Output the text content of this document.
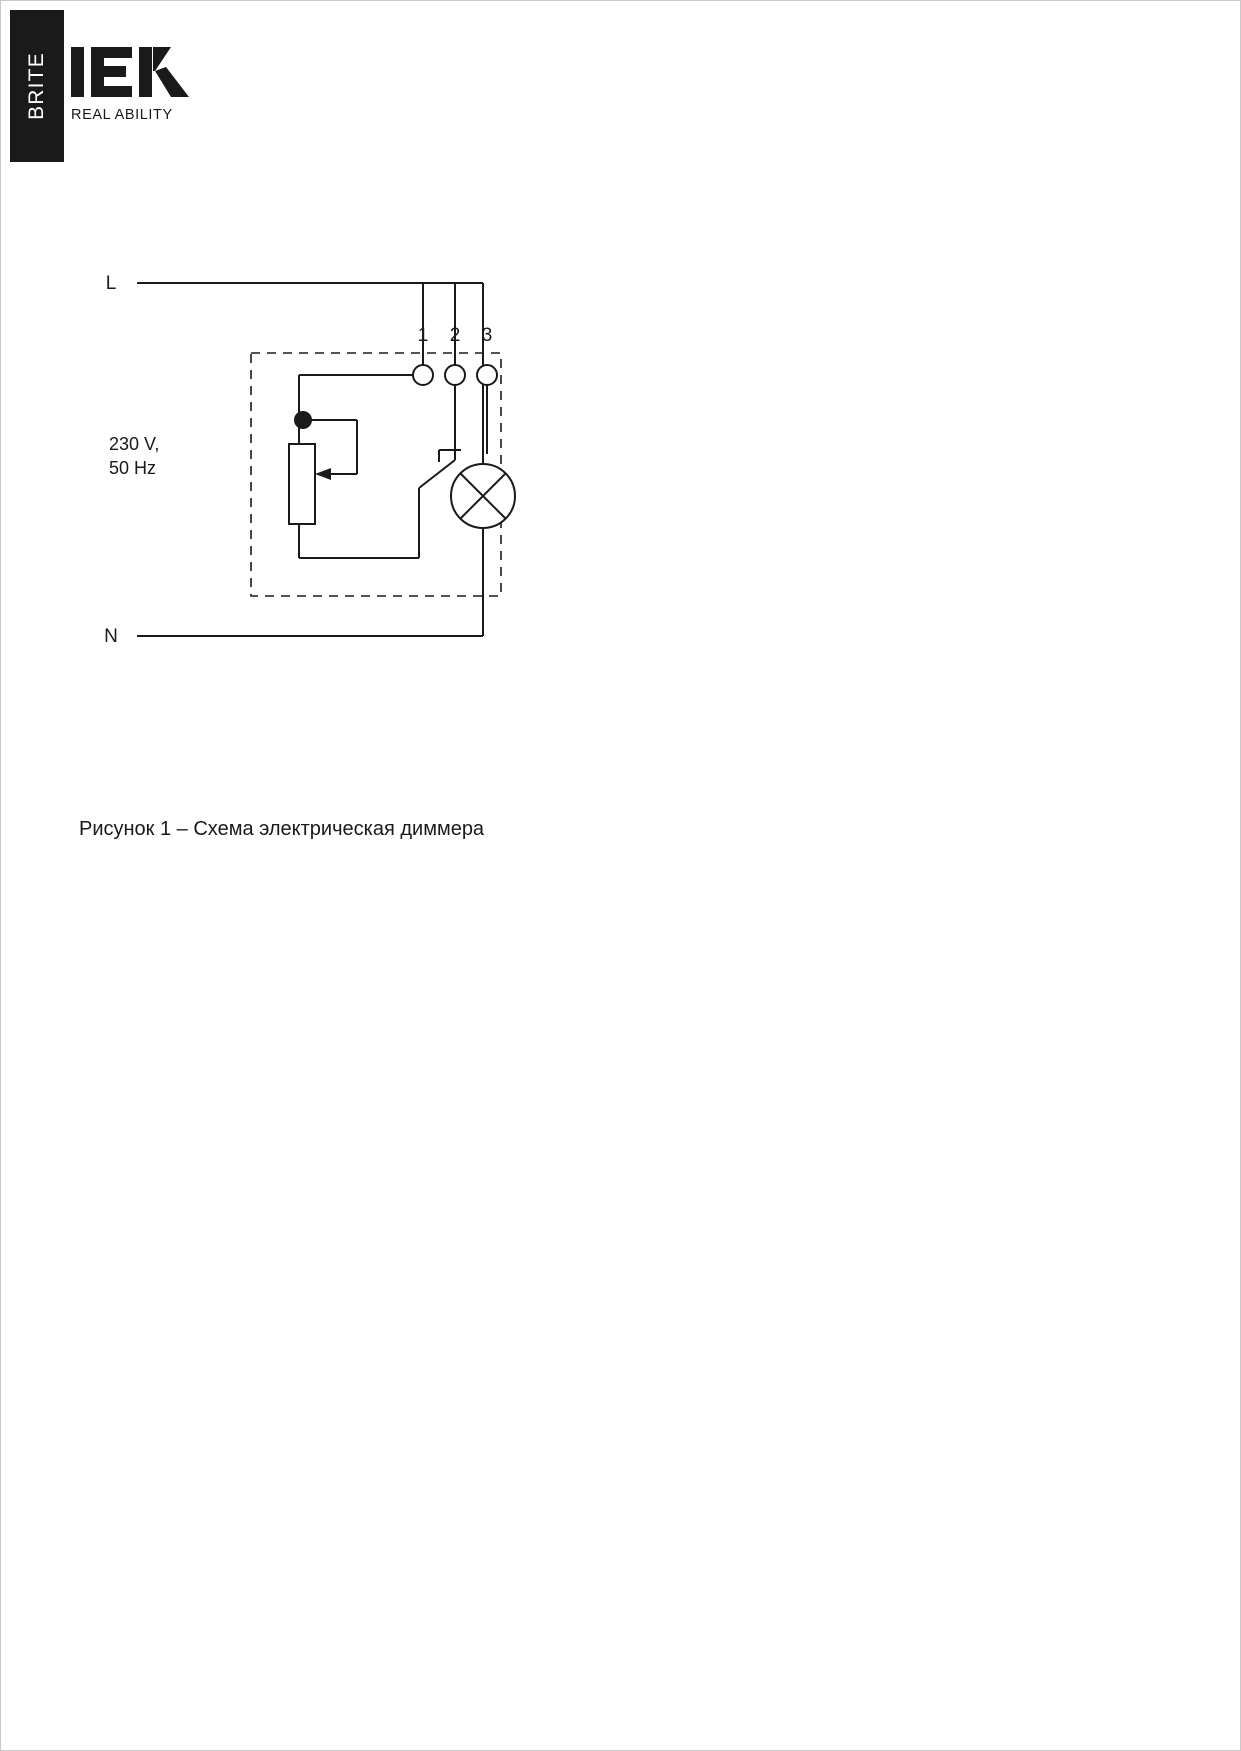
BRITE	REAL ABILITY
L
N
230 V,
50 Hz
1 2 3
Рисунок 1 – Схема электрическая диммера
